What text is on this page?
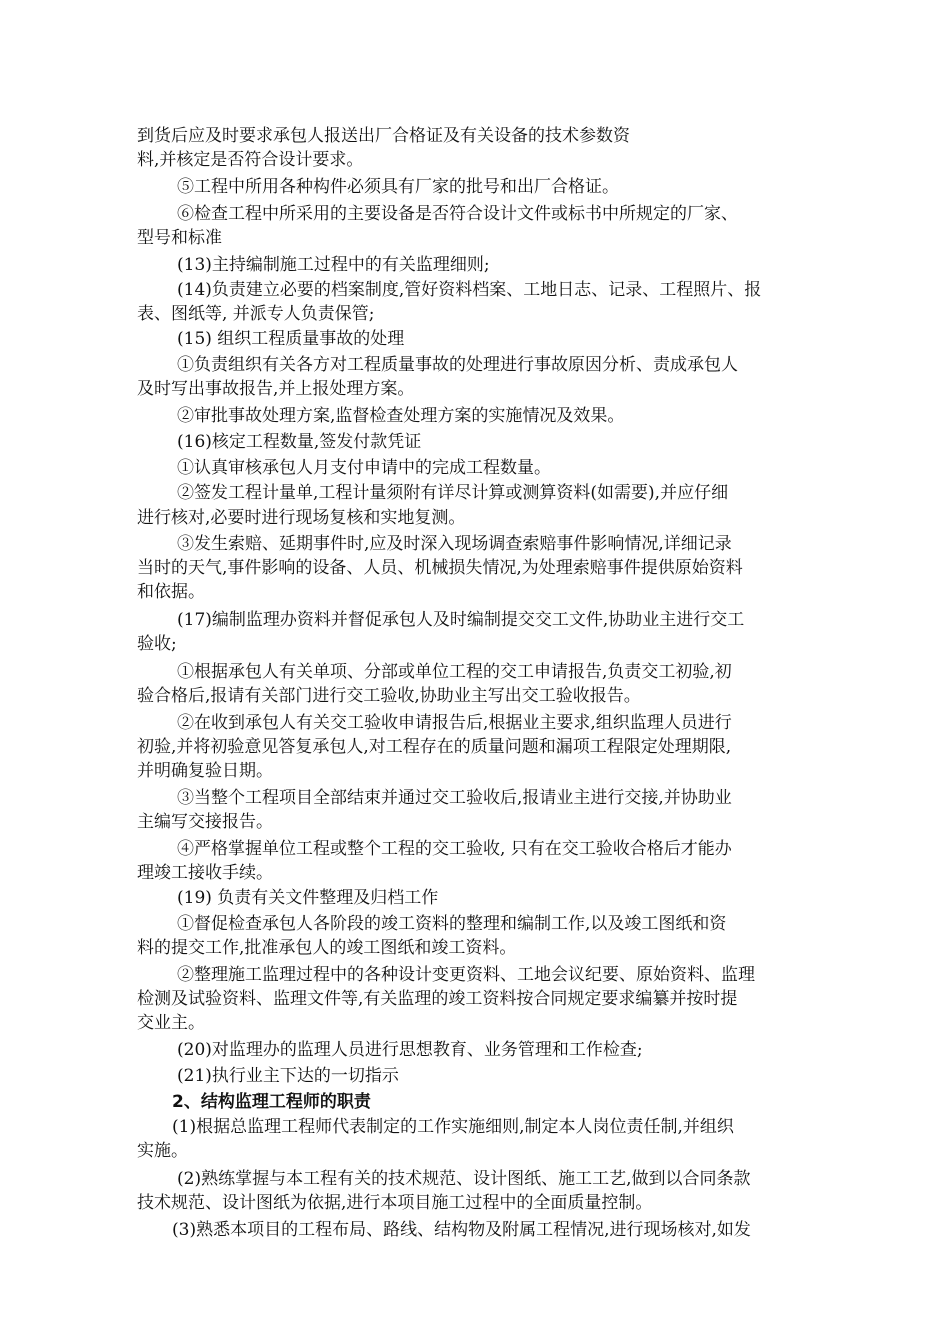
到货后应及时要求承包人报送出厂合格证及有关设备的技术参数资
料,并核定是否符合设计要求。
⑤工程中所用各种构件必须具有厂家的批号和出厂合格证。
⑥检查工程中所采用的主要设备是否符合设计文件或标书中所规定的厂家、
型号和标准
(13)主持编制施工过程中的有关监理细则;
(14)负责建立必要的档案制度,管好资料档案、工地日志、记录、工程照片、报
表、图纸等, 并派专人负责保管;
(15) 组织工程质量事故的处理
①负责组织有关各方对工程质量事故的处理进行事故原因分析、责成承包人
及时写出事故报告,并上报处理方案。
②审批事故处理方案,监督检查处理方案的实施情况及效果。
(16)核定工程数量,签发付款凭证
①认真审核承包人月支付申请中的完成工程数量。
②签发工程计量单,工程计量须附有详尽计算或测算资料(如需要),并应仔细
进行核对,必要时进行现场复核和实地复测。
③发生索赔、延期事件时,应及时深入现场调查索赔事件影响情况,详细记录
当时的天气,事件影响的设备、人员、机械损失情况,为处理索赔事件提供原始资料
和依据。
(17)编制监理办资料并督促承包人及时编制提交交工文件,协助业主进行交工
验收;
①根据承包人有关单项、分部或单位工程的交工申请报告,负责交工初验,初
验合格后,报请有关部门进行交工验收,协助业主写出交工验收报告。
②在收到承包人有关交工验收申请报告后,根据业主要求,组织监理人员进行
初验,并将初验意见答复承包人,对工程存在的质量问题和漏项工程限定处理期限,
并明确复验日期。
③当整个工程项目全部结束并通过交工验收后,报请业主进行交接,并协助业
主编写交接报告。
④严格掌握单位工程或整个工程的交工验收, 只有在交工验收合格后才能办
理竣工接收手续。
(19) 负责有关文件整理及归档工作
①督促检查承包人各阶段的竣工资料的整理和编制工作,以及竣工图纸和资
料的提交工作,批准承包人的竣工图纸和竣工资料。
②整理施工监理过程中的各种设计变更资料、工地会议纪要、原始资料、监理
检测及试验资料、监理文件等,有关监理的竣工资料按合同规定要求编纂并按时提
交业主。
(20)对监理办的监理人员进行思想教育、业务管理和工作检查;
(21)执行业主下达的一切指示
2、结构监理工程师的职责
(1)根据总监理工程师代表制定的工作实施细则,制定本人岗位责任制,并组织
实施。
(2)熟练掌握与本工程有关的技术规范、设计图纸、施工工艺,做到以合同条款
技术规范、设计图纸为依据,进行本项目施工过程中的全面质量控制。
(3)熟悉本项目的工程布局、路线、结构物及附属工程情况,进行现场核对,如发
